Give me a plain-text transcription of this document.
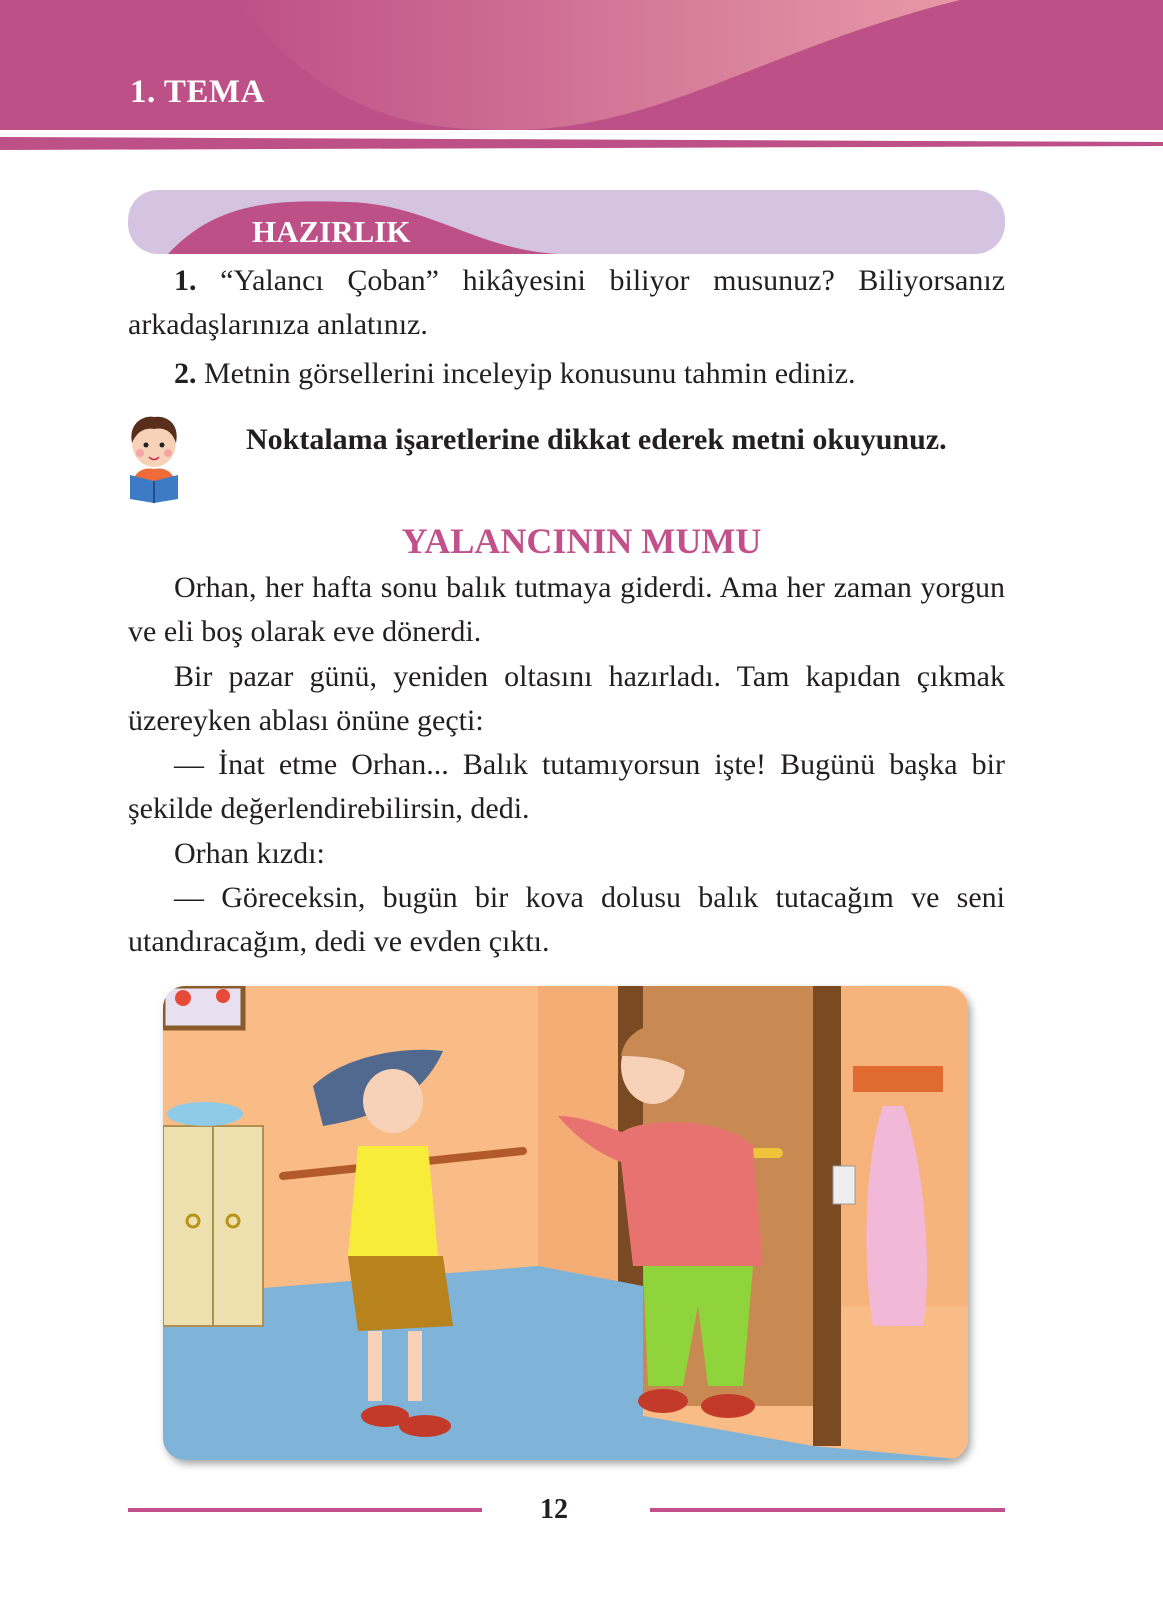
1. TEMA
HAZIRLIK
1. “Yalancı Çoban” hikâyesini biliyor musunuz? Biliyorsanız arkadaşlarınıza anlatınız.
2. Metnin görsellerini inceleyip konusunu tahmin ediniz.
Noktalama işaretlerine dikkat ederek metni okuyunuz.
YALANCININ MUMU
Orhan, her hafta sonu balık tutmaya giderdi. Ama her zaman yorgun ve eli boş olarak eve dönerdi.
Bir pazar günü, yeniden oltasını hazırladı. Tam kapıdan çıkmak üzereyken ablası önüne geçti:
— İnat etme Orhan... Balık tutamıyorsun işte! Bugünü başka bir şekilde değerlendirebilirsin, dedi.
Orhan kızdı:
— Göreceksin, bugün bir kova dolusu balık tutacağım ve seni utandıracağım, dedi ve evden çıktı.
12
